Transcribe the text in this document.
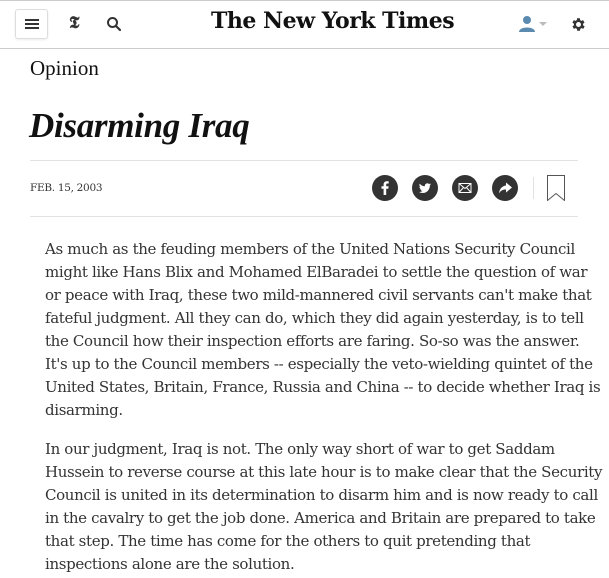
𝕿	The New York Times
Opinion
Disarming Iraq
FEB. 15, 2003
As much as the feuding members of the United Nations Security Council
might like Hans Blix and Mohamed ElBaradei to settle the question of war
or peace with Iraq, these two mild-mannered civil servants can't make that
fateful judgment. All they can do, which they did again yesterday, is to tell
the Council how their inspection efforts are faring. So-so was the answer.
It's up to the Council members -- especially the veto-wielding quintet of the
United States, Britain, France, Russia and China -- to decide whether Iraq is
disarming.
In our judgment, Iraq is not. The only way short of war to get Saddam
Hussein to reverse course at this late hour is to make clear that the Security
Council is united in its determination to disarm him and is now ready to call
in the cavalry to get the job done. America and Britain are prepared to take
that step. The time has come for the others to quit pretending that
inspections alone are the solution.
